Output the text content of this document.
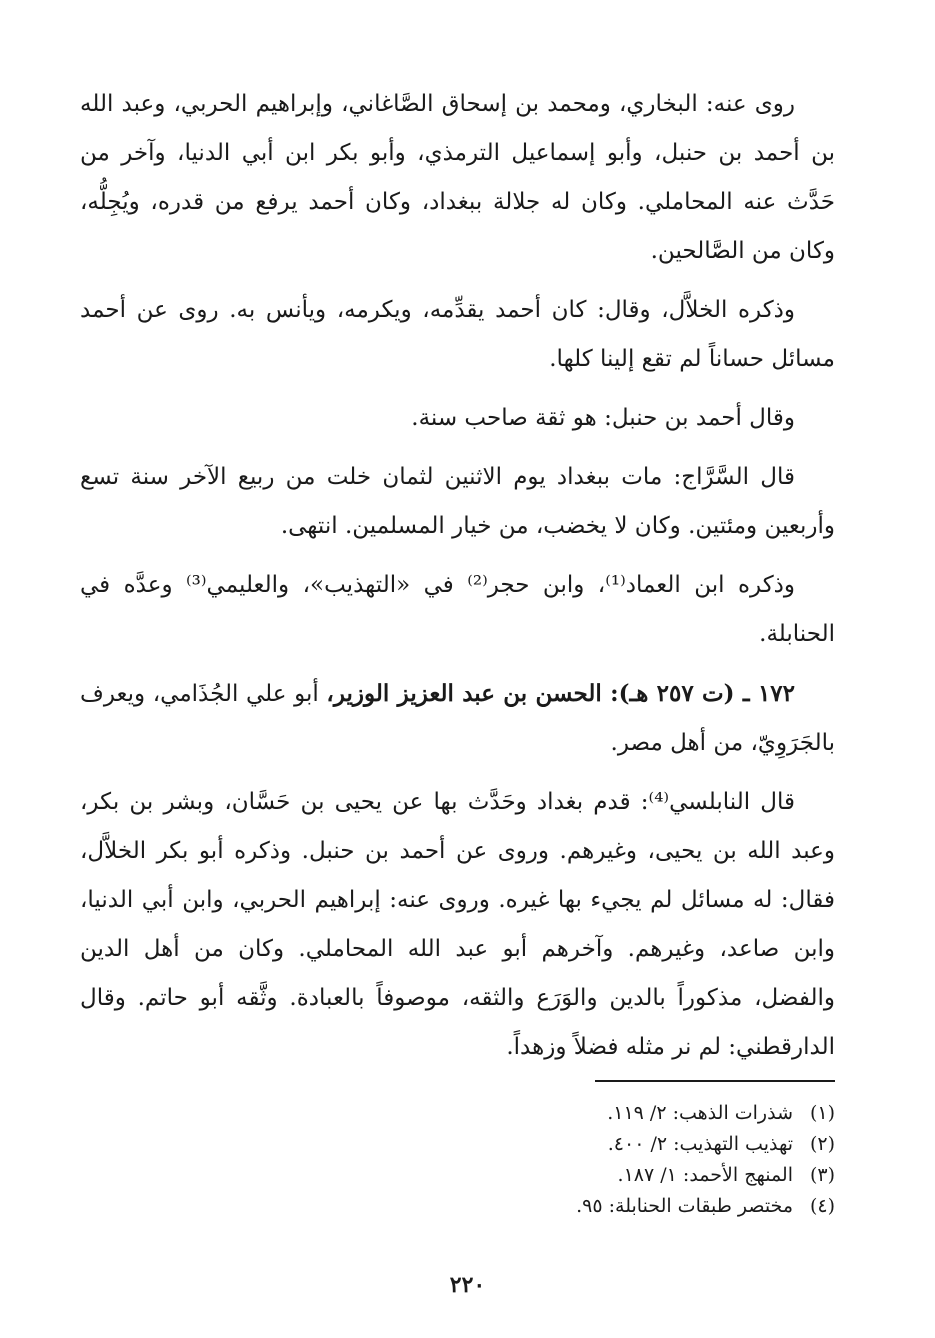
روى عنه: البخاري، ومحمد بن إسحاق الصَّاغاني، وإبراهيم الحربي، وعبد الله بن أحمد بن حنبل، وأبو إسماعيل الترمذي، وأبو بكر ابن أبي الدنيا، وآخر من حَدَّث عنه المحاملي. وكان له جلالة ببغداد، وكان أحمد يرفع من قدره، ويُجِلُّه، وكان من الصَّالحين.

وذكره الخلاَّل، وقال: كان أحمد يقدِّمه، ويكرمه، ويأنس به. روى عن أحمد مسائل حساناً لم تقع إلينا كلها.

وقال أحمد بن حنبل: هو ثقة صاحب سنة.

قال السَّرَّاج: مات ببغداد يوم الاثنين لثمان خلت من ربيع الآخر سنة تسع وأربعين ومئتين. وكان لا يخضب، من خيار المسلمين. انتهى.

وذكره ابن العماد⁽¹⁾، وابن حجر⁽²⁾ في «التهذيب»، والعليمي⁽³⁾ وعدَّه في الحنابلة.

١٧٢ ـ (ت ٢٥٧ هـ): الحسن بن عبد العزيز الوزير، أبو علي الجُذَامي، ويعرف بالجَرَوِيّ، من أهل مصر.

قال النابلسي⁽⁴⁾: قدم بغداد وحَدَّث بها عن يحيى بن حَسَّان، وبشر بن بكر، وعبد الله بن يحيى، وغيرهم. وروى عن أحمد بن حنبل. وذكره أبو بكر الخلاَّل، فقال: له مسائل لم يجيء بها غيره. وروى عنه: إبراهيم الحربي، وابن أبي الدنيا، وابن صاعد، وغيرهم. وآخرهم أبو عبد الله المحاملي. وكان من أهل الدين والفضل، مذكوراً بالدين والوَرَع والثقه، موصوفاً بالعبادة. وثَّقه أبو حاتم. وقال الدارقطني: لم نر مثله فضلاً وزهداً.

(١)شذرات الذهب: ٢/ ١١٩.
(٢)تهذيب التهذيب: ٢/ ٤٠٠.
(٣)المنهج الأحمد: ١/ ١٨٧.
(٤)مختصر طبقات الحنابلة: ٩٥.
٢٢٠
